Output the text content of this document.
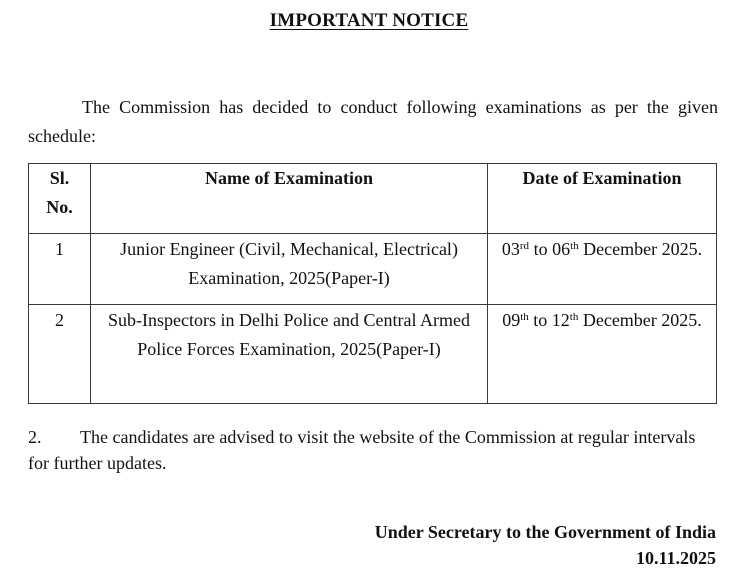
IMPORTANT NOTICE
The Commission has decided to conduct following examinations as per the given schedule:
Sl.
No.	Name of Examination	Date of Examination
1	Junior Engineer (Civil, Mechanical, Electrical) Examination, 2025(Paper-I)	03rd to 06th December 2025.
2	Sub-Inspectors in Delhi Police and Central Armed Police Forces Examination, 2025(Paper-I)	09th to 12th December 2025.
2. The candidates are advised to visit the website of the Commission at regular intervals for further updates.
Under Secretary to the Government of India
10.11.2025
